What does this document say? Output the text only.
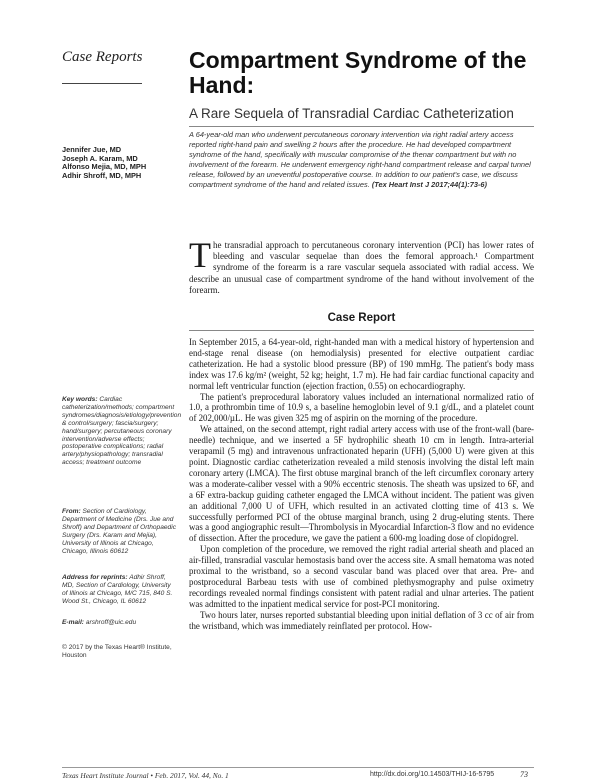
Case Reports	Compartment Syndrome of the Hand:
A Rare Sequela of Transradial Cardiac Catheterization
Jennifer Jue, MD
Joseph A. Karam, MD
Alfonso Mejia, MD, MPH
Adhir Shroff, MD, MPH
A 64-year-old man who underwent percutaneous coronary intervention via right radial artery access reported right-hand pain and swelling 2 hours after the procedure. He had developed compartment syndrome of the hand, specifically with muscular compromise of the thenar compartment but with no involvement of the forearm. He underwent emergency right-hand compartment release and carpal tunnel release, followed by an uneventful postoperative course. In addition to our patient's case, we discuss compartment syndrome of the hand and related issues. (Tex Heart Inst J 2017;44(1):73-6)
The transradial approach to percutaneous coronary intervention (PCI) has lower rates of bleeding and vascular sequelae than does the femoral approach.¹ Compartment syndrome of the forearm is a rare vascular sequela associated with radial access. We describe an unusual case of compartment syndrome of the hand without involvement of the forearm.
Case Report

In September 2015, a 64-year-old, right-handed man with a medical history of hypertension and end-stage renal disease (on hemodialysis) presented for elective outpatient cardiac catheterization. He had a systolic blood pressure (BP) of 190 mmHg. The patient's body mass index was 17.6 kg/m² (weight, 52 kg; height, 1.7 m). He had fair cardiac functional capacity and normal left ventricular function (ejection fraction, 0.55) on echocardiography.

The patient's preprocedural laboratory values included an international normalized ratio of 1.0, a prothrombin time of 10.9 s, a baseline hemoglobin level of 9.1 g/dL, and a platelet count of 202,000/µL. He was given 325 mg of aspirin on the morning of the procedure.

We attained, on the second attempt, right radial artery access with use of the front-wall (bare-needle) technique, and we inserted a 5F hydrophilic sheath 10 cm in length. Intra-arterial verapamil (5 mg) and intravenous unfractionated heparin (UFH) (5,000 U) were given at this point. Diagnostic cardiac catheterization revealed a mild stenosis involving the distal left main coronary artery (LMCA). The first obtuse marginal branch of the left circumflex coronary artery was a moderate-caliber vessel with a 90% eccentric stenosis. The sheath was upsized to 6F, and a 6F extra-backup guiding catheter engaged the LMCA without incident. The patient was given an additional 7,000 U of UFH, which resulted in an activated clotting time of 413 s. We successfully performed PCI of the obtuse marginal branch, using 2 drug-eluting stents. There was a good angiographic result—Thrombolysis in Myocardial Infarction-3 flow and no evidence of dissection. After the procedure, we gave the patient a 600-mg loading dose of clopidogrel.

Upon completion of the procedure, we removed the right radial arterial sheath and placed an air-filled, transradial vascular hemostasis band over the access site. A small hematoma was noted proximal to the wristband, so a second vascular band was placed over that area. Pre- and postprocedural Barbeau tests with use of combined plethysmography and pulse oximetry recordings revealed normal findings consistent with patent radial and ulnar arteries. The patient was admitted to the inpatient medical service for post-PCI monitoring.

Two hours later, nurses reported substantial bleeding upon initial deflation of 3 cc of air from the wristband, which was immediately reinflated per protocol. How-

Key words: Cardiac catheterization/methods; compartment syndromes/diagnosis/etiology/prevention & control/surgery; fascia/surgery; hand/surgery; percutaneous coronary intervention/adverse effects; postoperative complications; radial artery/physiopathology; transradial access; treatment outcome
From: Section of Cardiology, Department of Medicine (Drs. Jue and Shroff) and Department of Orthopaedic Surgery (Drs. Karam and Mejia), University of Illinois at Chicago, Chicago, Illinois 60612
Address for reprints: Adhir Shroff, MD, Section of Cardiology, University of Illinois at Chicago, M/C 715, 840 S. Wood St., Chicago, IL 60612
E-mail: arshroff@uic.edu
© 2017 by the Texas Heart® Institute, Houston
Texas Heart Institute Journal • Feb. 2017, Vol. 44, No. 1	http://dx.doi.org/10.14503/THIJ-16-5795	73
